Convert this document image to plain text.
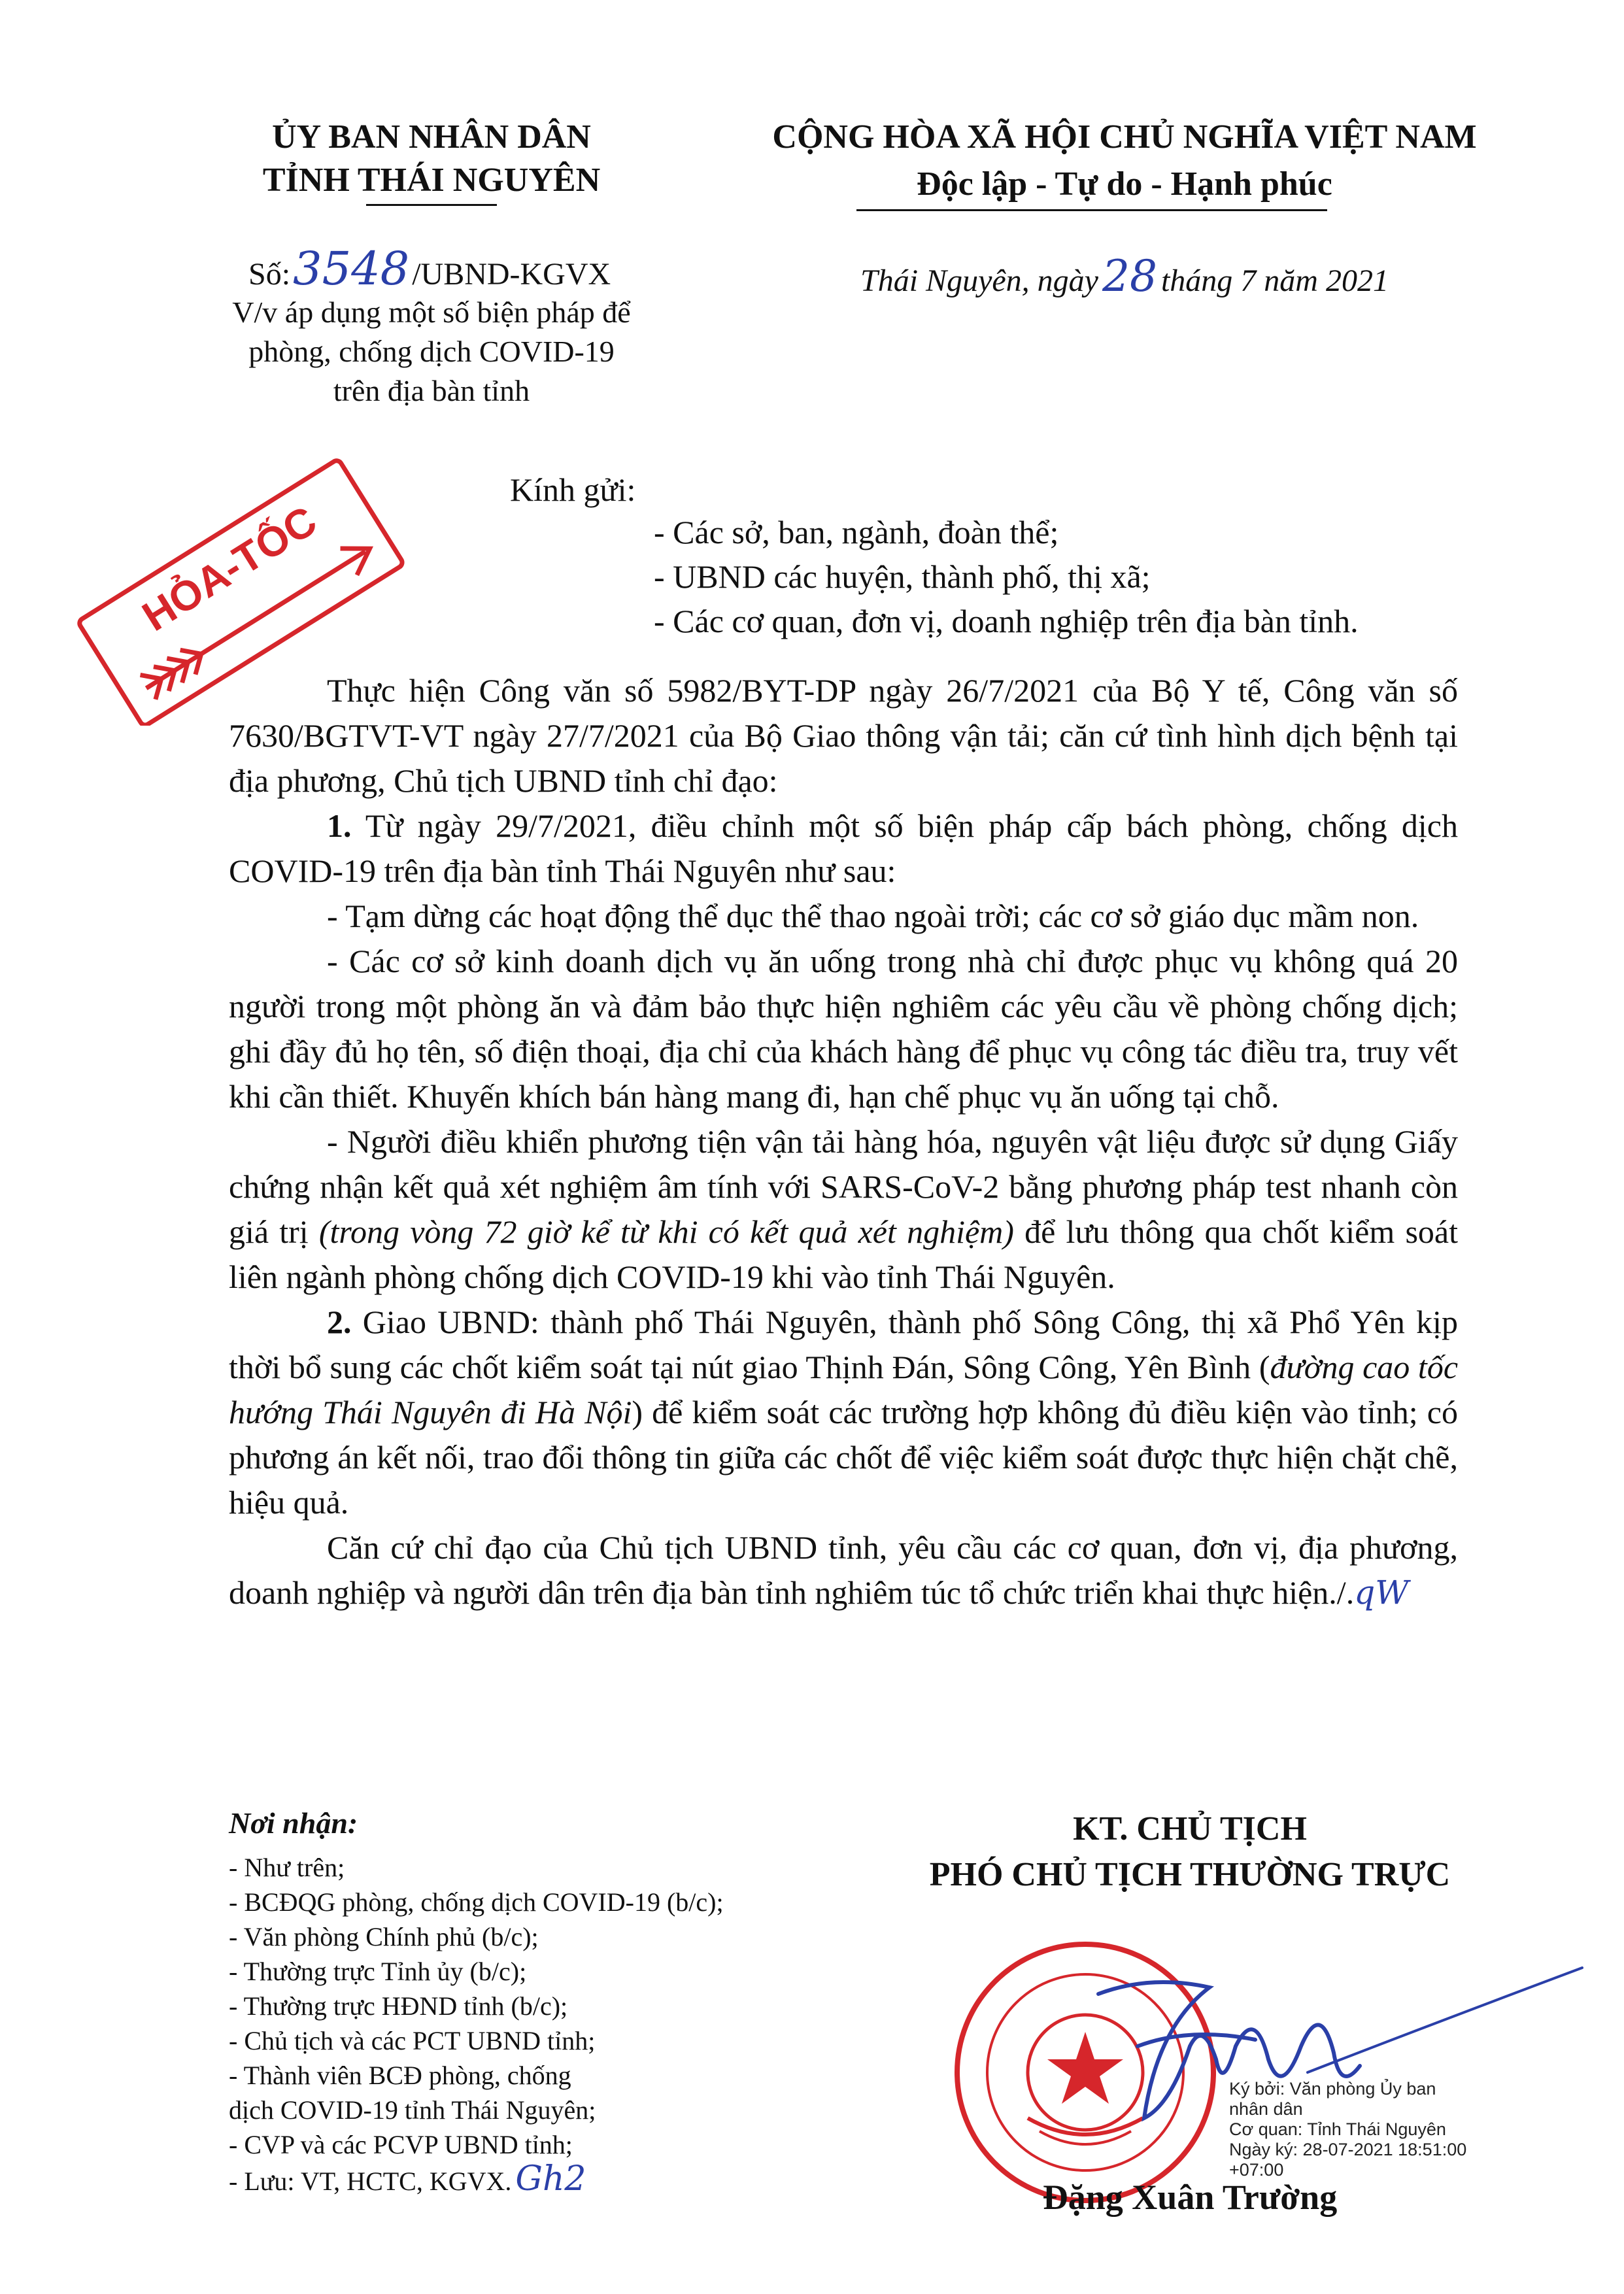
ỦY BAN NHÂN DÂN
TỈNH THÁI NGUYÊN
Số:3548/UBND-KGVX
V/v áp dụng một số biện pháp để
phòng, chống dịch COVID-19
trên địa bàn tỉnh
CỘNG HÒA XÃ HỘI CHỦ NGHĨA VIỆT NAM
Độc lập - Tự do - Hạnh phúc
Thái Nguyên, ngày28 tháng 7 năm 2021
HỎA-TỐC
Kính gửi:
- Các sở, ban, ngành, đoàn thể;
- UBND các huyện, thành phố, thị xã;
- Các cơ quan, đơn vị, doanh nghiệp trên địa bàn tỉnh.

Thực hiện Công văn số 5982/BYT-DP ngày 26/7/2021 của Bộ Y tế, Công văn số 7630/BGTVT-VT ngày 27/7/2021 của Bộ Giao thông vận tải; căn cứ tình hình dịch bệnh tại địa phương, Chủ tịch UBND tỉnh chỉ đạo:

1. Từ ngày 29/7/2021, điều chỉnh một số biện pháp cấp bách phòng, chống dịch COVID-19 trên địa bàn tỉnh Thái Nguyên như sau:

- Tạm dừng các hoạt động thể dục thể thao ngoài trời; các cơ sở giáo dục mầm non.

- Các cơ sở kinh doanh dịch vụ ăn uống trong nhà chỉ được phục vụ không quá 20 người trong một phòng ăn và đảm bảo thực hiện nghiêm các yêu cầu về phòng chống dịch; ghi đầy đủ họ tên, số điện thoại, địa chỉ của khách hàng để phục vụ công tác điều tra, truy vết khi cần thiết. Khuyến khích bán hàng mang đi, hạn chế phục vụ ăn uống tại chỗ.

- Người điều khiển phương tiện vận tải hàng hóa, nguyên vật liệu được sử dụng Giấy chứng nhận kết quả xét nghiệm âm tính với SARS-CoV-2 bằng phương pháp test nhanh còn giá trị (trong vòng 72 giờ kể từ khi có kết quả xét nghiệm) để lưu thông qua chốt kiểm soát liên ngành phòng chống dịch COVID-19 khi vào tỉnh Thái Nguyên.

2. Giao UBND: thành phố Thái Nguyên, thành phố Sông Công, thị xã Phổ Yên kịp thời bổ sung các chốt kiểm soát tại nút giao Thịnh Đán, Sông Công, Yên Bình (đường cao tốc hướng Thái Nguyên đi Hà Nội) để kiểm soát các trường hợp không đủ điều kiện vào tỉnh; có phương án kết nối, trao đổi thông tin giữa các chốt để việc kiểm soát được thực hiện chặt chẽ, hiệu quả.

Căn cứ chỉ đạo của Chủ tịch UBND tỉnh, yêu cầu các cơ quan, đơn vị, địa phương, doanh nghiệp và người dân trên địa bàn tỉnh nghiêm túc tổ chức triển khai thực hiện./.qW

Nơi nhận:
- Như trên;
- BCĐQG phòng, chống dịch COVID-19 (b/c);
- Văn phòng Chính phủ (b/c);
- Thường trực Tỉnh ủy (b/c);
- Thường trực HĐND tỉnh (b/c);
- Chủ tịch và các PCT UBND tỉnh;
- Thành viên BCĐ phòng, chống
dịch COVID-19 tỉnh Thái Nguyên;
- CVP và các PCVP UBND tỉnh;
- Lưu: VT, HCTC, KGVX. Gh2
KT. CHỦ TỊCH
PHÓ CHỦ TỊCH THƯỜNG TRỰC
Ký bởi: Văn phòng Ủy ban
nhân dân
Cơ quan: Tỉnh Thái Nguyên
Ngày ký: 28-07-2021 18:51:00
+07:00
Đặng Xuân Trường
